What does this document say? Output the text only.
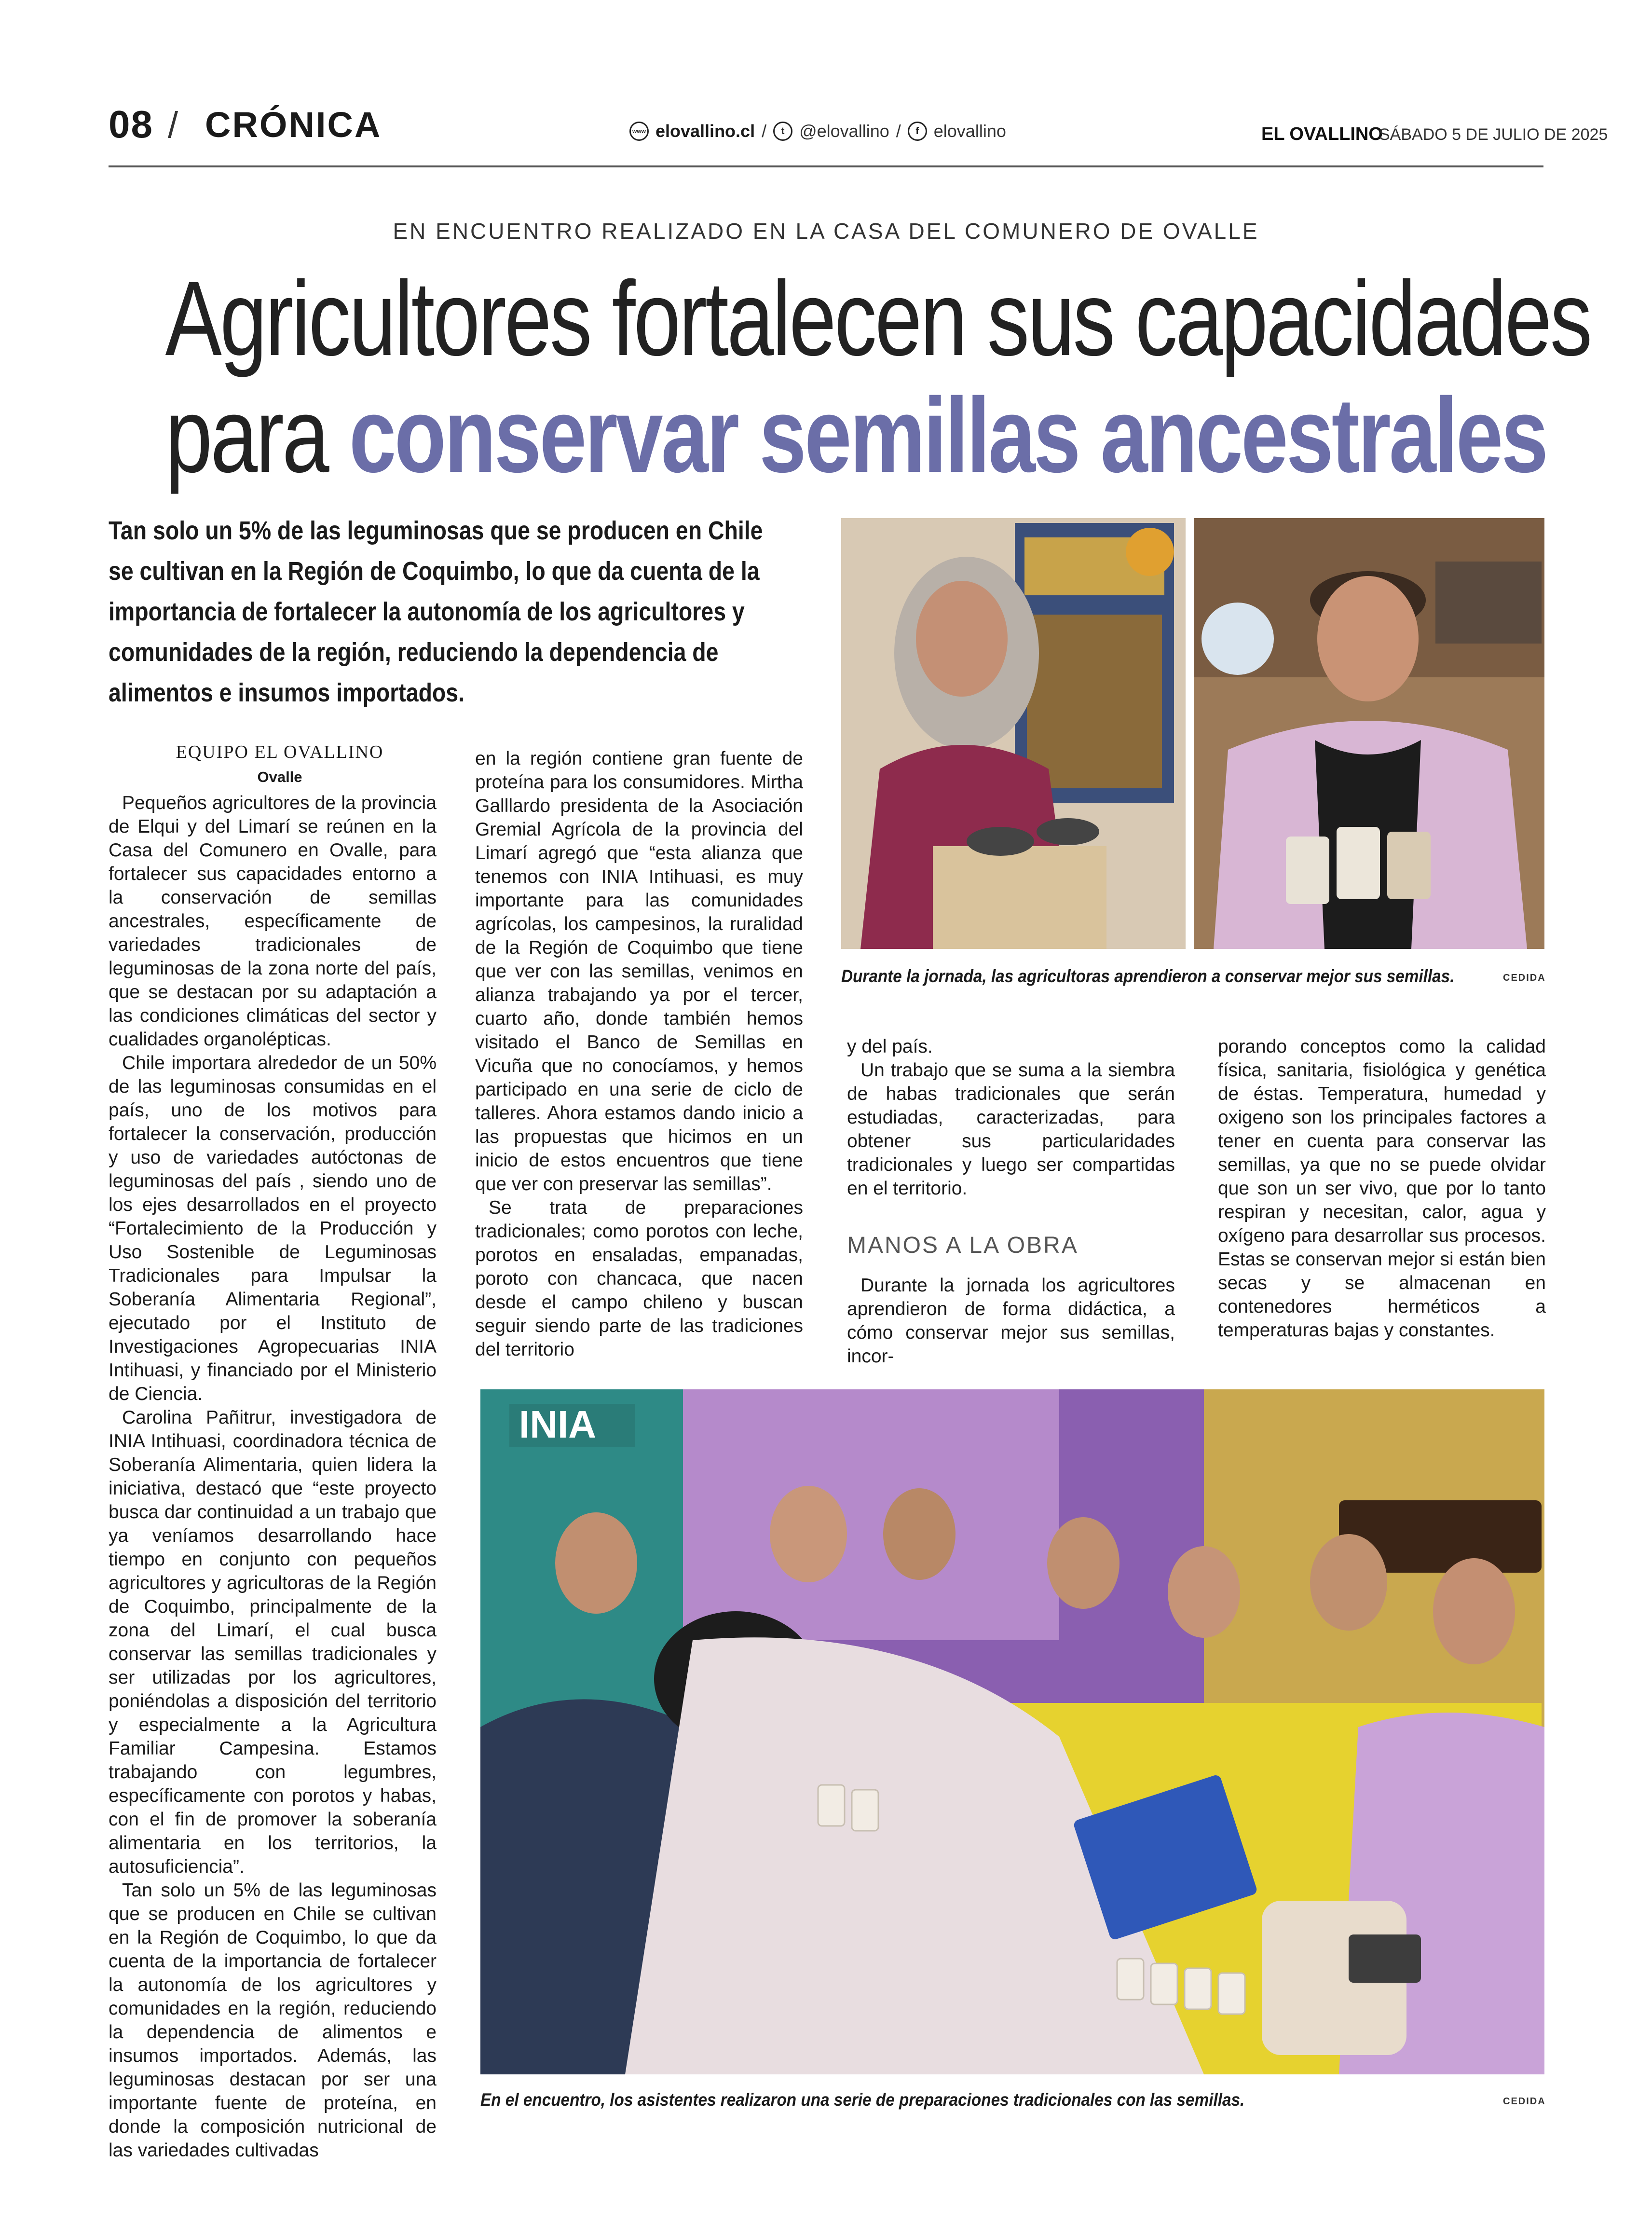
08 / CRÓNICA	www elovallino.cl /	t @elovallino /	f elovallino	EL OVALLINO
SÁBADO 5 DE JULIO DE 2025
EN ENCUENTRO REALIZADO EN LA CASA DEL COMUNERO DE OVALLE
Agricultores fortalecen sus capacidades
para conservar semillas ancestrales
Tan solo un 5% de las leguminosas que se producen en Chile se cultivan en la Región de Coquimbo, lo que da cuenta de la importancia de fortalecer la autonomía de los agricultores y comunidades de la región, reduciendo la dependencia de alimentos e insumos importados.
EQUIPO EL OVALLINO
Ovalle

Pequeños agricultores de la provincia de Elqui y del Limarí se reúnen en la Casa del Comunero en Ovalle, para fortalecer sus capacidades entorno a la conservación de semillas ancestrales, específicamente de variedades tradicionales de leguminosas de la zona norte del país, que se destacan por su adaptación a las condiciones climáticas del sector y cualidades organolépticas.

Chile importara alrededor de un 50% de las leguminosas consumidas en el país, uno de los motivos para fortalecer la conservación, producción y uso de variedades autóctonas de leguminosas del país , siendo uno de los ejes desarrollados en el proyecto “Fortalecimiento de la Producción y Uso Sostenible de Leguminosas Tradicionales para Impulsar la Soberanía Alimentaria Regional”, ejecutado por el Instituto de Investigaciones Agropecuarias INIA Intihuasi, y financiado por el Ministerio de Ciencia.

Carolina Pañitrur, investigadora de INIA Intihuasi, coordinadora técnica de Soberanía Alimentaria, quien lidera la iniciativa, destacó que “este proyecto busca dar continuidad a un trabajo que ya veníamos desarrollando hace tiempo en conjunto con pequeños agricultores y agricultoras de la Región de Coquimbo, principalmente de la zona del Limarí, el cual busca conservar las semillas tradicionales y ser utilizadas por los agricultores, poniéndolas a disposición del territorio y especialmente a la Agricultura Familiar Campesina. Estamos trabajando con legumbres, específicamente con porotos y habas, con el fin de promover la soberanía alimentaria en los territorios, la autosuficiencia”.

Tan solo un 5% de las leguminosas que se producen en Chile se cultivan en la Región de Coquimbo, lo que da cuenta de la importancia de fortalecer la autonomía de los agricultores y comunidades en la región, reduciendo la dependencia de alimentos e insumos importados. Además, las leguminosas destacan por ser una importante fuente de proteína, en donde la composición nutricional de las variedades cultivadas

en la región contiene gran fuente de proteína para los consumidores. Mirtha Galllardo presidenta de la Asociación Gremial Agrícola de la provincia del Limarí agregó que “esta alianza que tenemos con INIA Intihuasi, es muy importante para las comunidades agrícolas, los campesinos, la ruralidad de la Región de Coquimbo que tiene que ver con las semillas, venimos en alianza trabajando ya por el tercer, cuarto año, donde también hemos visitado el Banco de Semillas en Vicuña que no conocíamos, y hemos participado en una serie de ciclo de talleres. Ahora estamos dando inicio a las propuestas que hicimos en un inicio de estos encuentros que tiene que ver con preservar las semillas”.

Se trata de preparaciones tradicionales; como porotos con leche, porotos en ensaladas, empanadas, poroto con chancaca, que nacen desde el campo chileno y buscan seguir siendo parte de las tradiciones del territorio

Durante la jornada, las agricultoras aprendieron a conservar mejor sus semillas.	CEDIDA

y del país.

Un trabajo que se suma a la siembra de habas tradicionales que serán estudiadas, caracterizadas, para obtener sus particularidades tradicionales y luego ser compartidas en el territorio.

MANOS A LA OBRA

Durante la jornada los agricultores aprendieron de forma didáctica, a cómo conservar mejor sus semillas, incor-

porando conceptos como la calidad física, sanitaria, fisiológica y genética de éstas. Temperatura, humedad y oxigeno son los principales factores a tener en cuenta para conservar las semillas, ya que no se puede olvidar que son un ser vivo, que por lo tanto respiran y necesitan, calor, agua y oxígeno para desarrollar sus procesos. Estas se conservan mejor si están bien secas y se almacenan en contenedores herméticos a temperaturas bajas y constantes.

INIA
En el encuentro, los asistentes realizaron una serie de preparaciones tradicionales con las semillas.	CEDIDA
